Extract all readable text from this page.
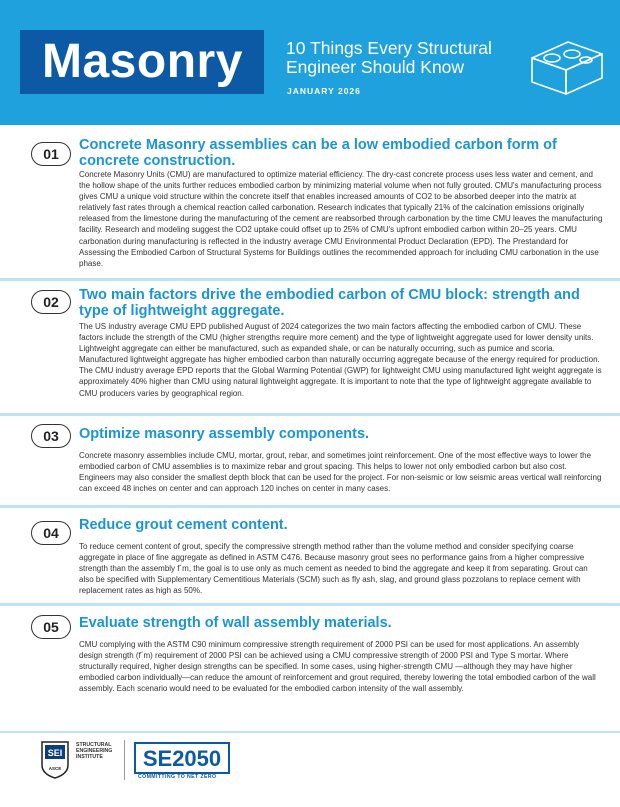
Masonry 10 Things Every Structural Engineer Should Know
JANUARY 2026
01
Concrete Masonry assemblies can be a low embodied carbon form of concrete construction.
Concrete Masonry Units (CMU) are manufactured to optimize material efficiency. The dry-cast concrete process uses less water and cement, and the hollow shape of the units further reduces embodied carbon by minimizing material volume when not fully grouted. CMU's manufacturing process gives CMU a unique void structure within the concrete itself that enables increased amounts of CO2 to be absorbed deeper into the matrix at relatively fast rates through a chemical reaction called carbonation. Research indicates that typically 21% of the calcination emissions originally released from the limestone during the manufacturing of the cement are reabsorbed through carbonation by the time CMU leaves the manufacturing facility. Research and modeling suggest the CO2 uptake could offset up to 25% of CMU's upfront embodied carbon within 20–25 years. CMU carbonation during manufacturing is reflected in the industry average CMU Environmental Product Declaration (EPD). The Prestandard for Assessing the Embodied Carbon of Structural Systems for Buildings outlines the recommended approach for including CMU carbonation in the use phase.
02	Two main factors drive the embodied carbon of CMU block: strength and type of lightweight aggregate.
The US industry average CMU EPD published August of 2024 categorizes the two main factors affecting the embodied carbon of CMU. These factors include the strength of the CMU (higher strengths require more cement) and the type of lightweight aggregate used for lower density units. Lightweight aggregate can either be manufactured, such as expanded shale, or can be naturally occurring, such as pumice and scoria. Manufactured lightweight aggregate has higher embodied carbon than naturally occurring aggregate because of the energy required for production. The CMU industry average EPD reports that the Global Warming Potential (GWP) for lightweight CMU using manufactured light weight aggregate is approximately 40% higher than CMU using natural lightweight aggregate. It is important to note that the type of lightweight aggregate available to CMU producers varies by geographical region.
03	Optimize masonry assembly components.
Concrete masonry assemblies include CMU, mortar, grout, rebar, and sometimes joint reinforcement. One of the most effective ways to lower the embodied carbon of CMU assemblies is to maximize rebar and grout spacing. This helps to lower not only embodied carbon but also cost. Engineers may also consider the smallest depth block that can be used for the project. For non-seismic or low seismic areas vertical wall reinforcing can exceed 48 inches on center and can approach 120 inches on center in many cases.
04	Reduce grout cement content.
To reduce cement content of grout, specify the compressive strength method rather than the volume method and consider specifying coarse aggregate in place of fine aggregate as defined in ASTM C476. Because masonry grout sees no performance gains from a higher compressive strength than the assembly f´m, the goal is to use only as much cement as needed to bind the aggregate and keep it from separating. Grout can also be specified with Supplementary Cementitious Materials (SCM) such as fly ash, slag, and ground glass pozzolans to replace cement with replacement rates as high as 50%.
05	Evaluate strength of wall assembly materials.
CMU complying with the ASTM C90 minimum compressive strength requirement of 2000 PSI can be used for most applications. An assembly design strength (f´m) requirement of 2000 PSI can be achieved using a CMU compressive strength of 2000 PSI and Type S mortar. Where structurally required, higher design strengths can be specified. In some cases, using higher-strength CMU —although they may have higher embodied carbon individually—can reduce the amount of reinforcement and grout required, thereby lowering the total embodied carbon of the wall assembly. Each scenario would need to be evaluated for the embodied carbon intensity of the wall assembly.
SEI
ASCE
STRUCTURAL ENGINEERING INSTITUTE	SE2050
COMMITTING TO NET ZERO
